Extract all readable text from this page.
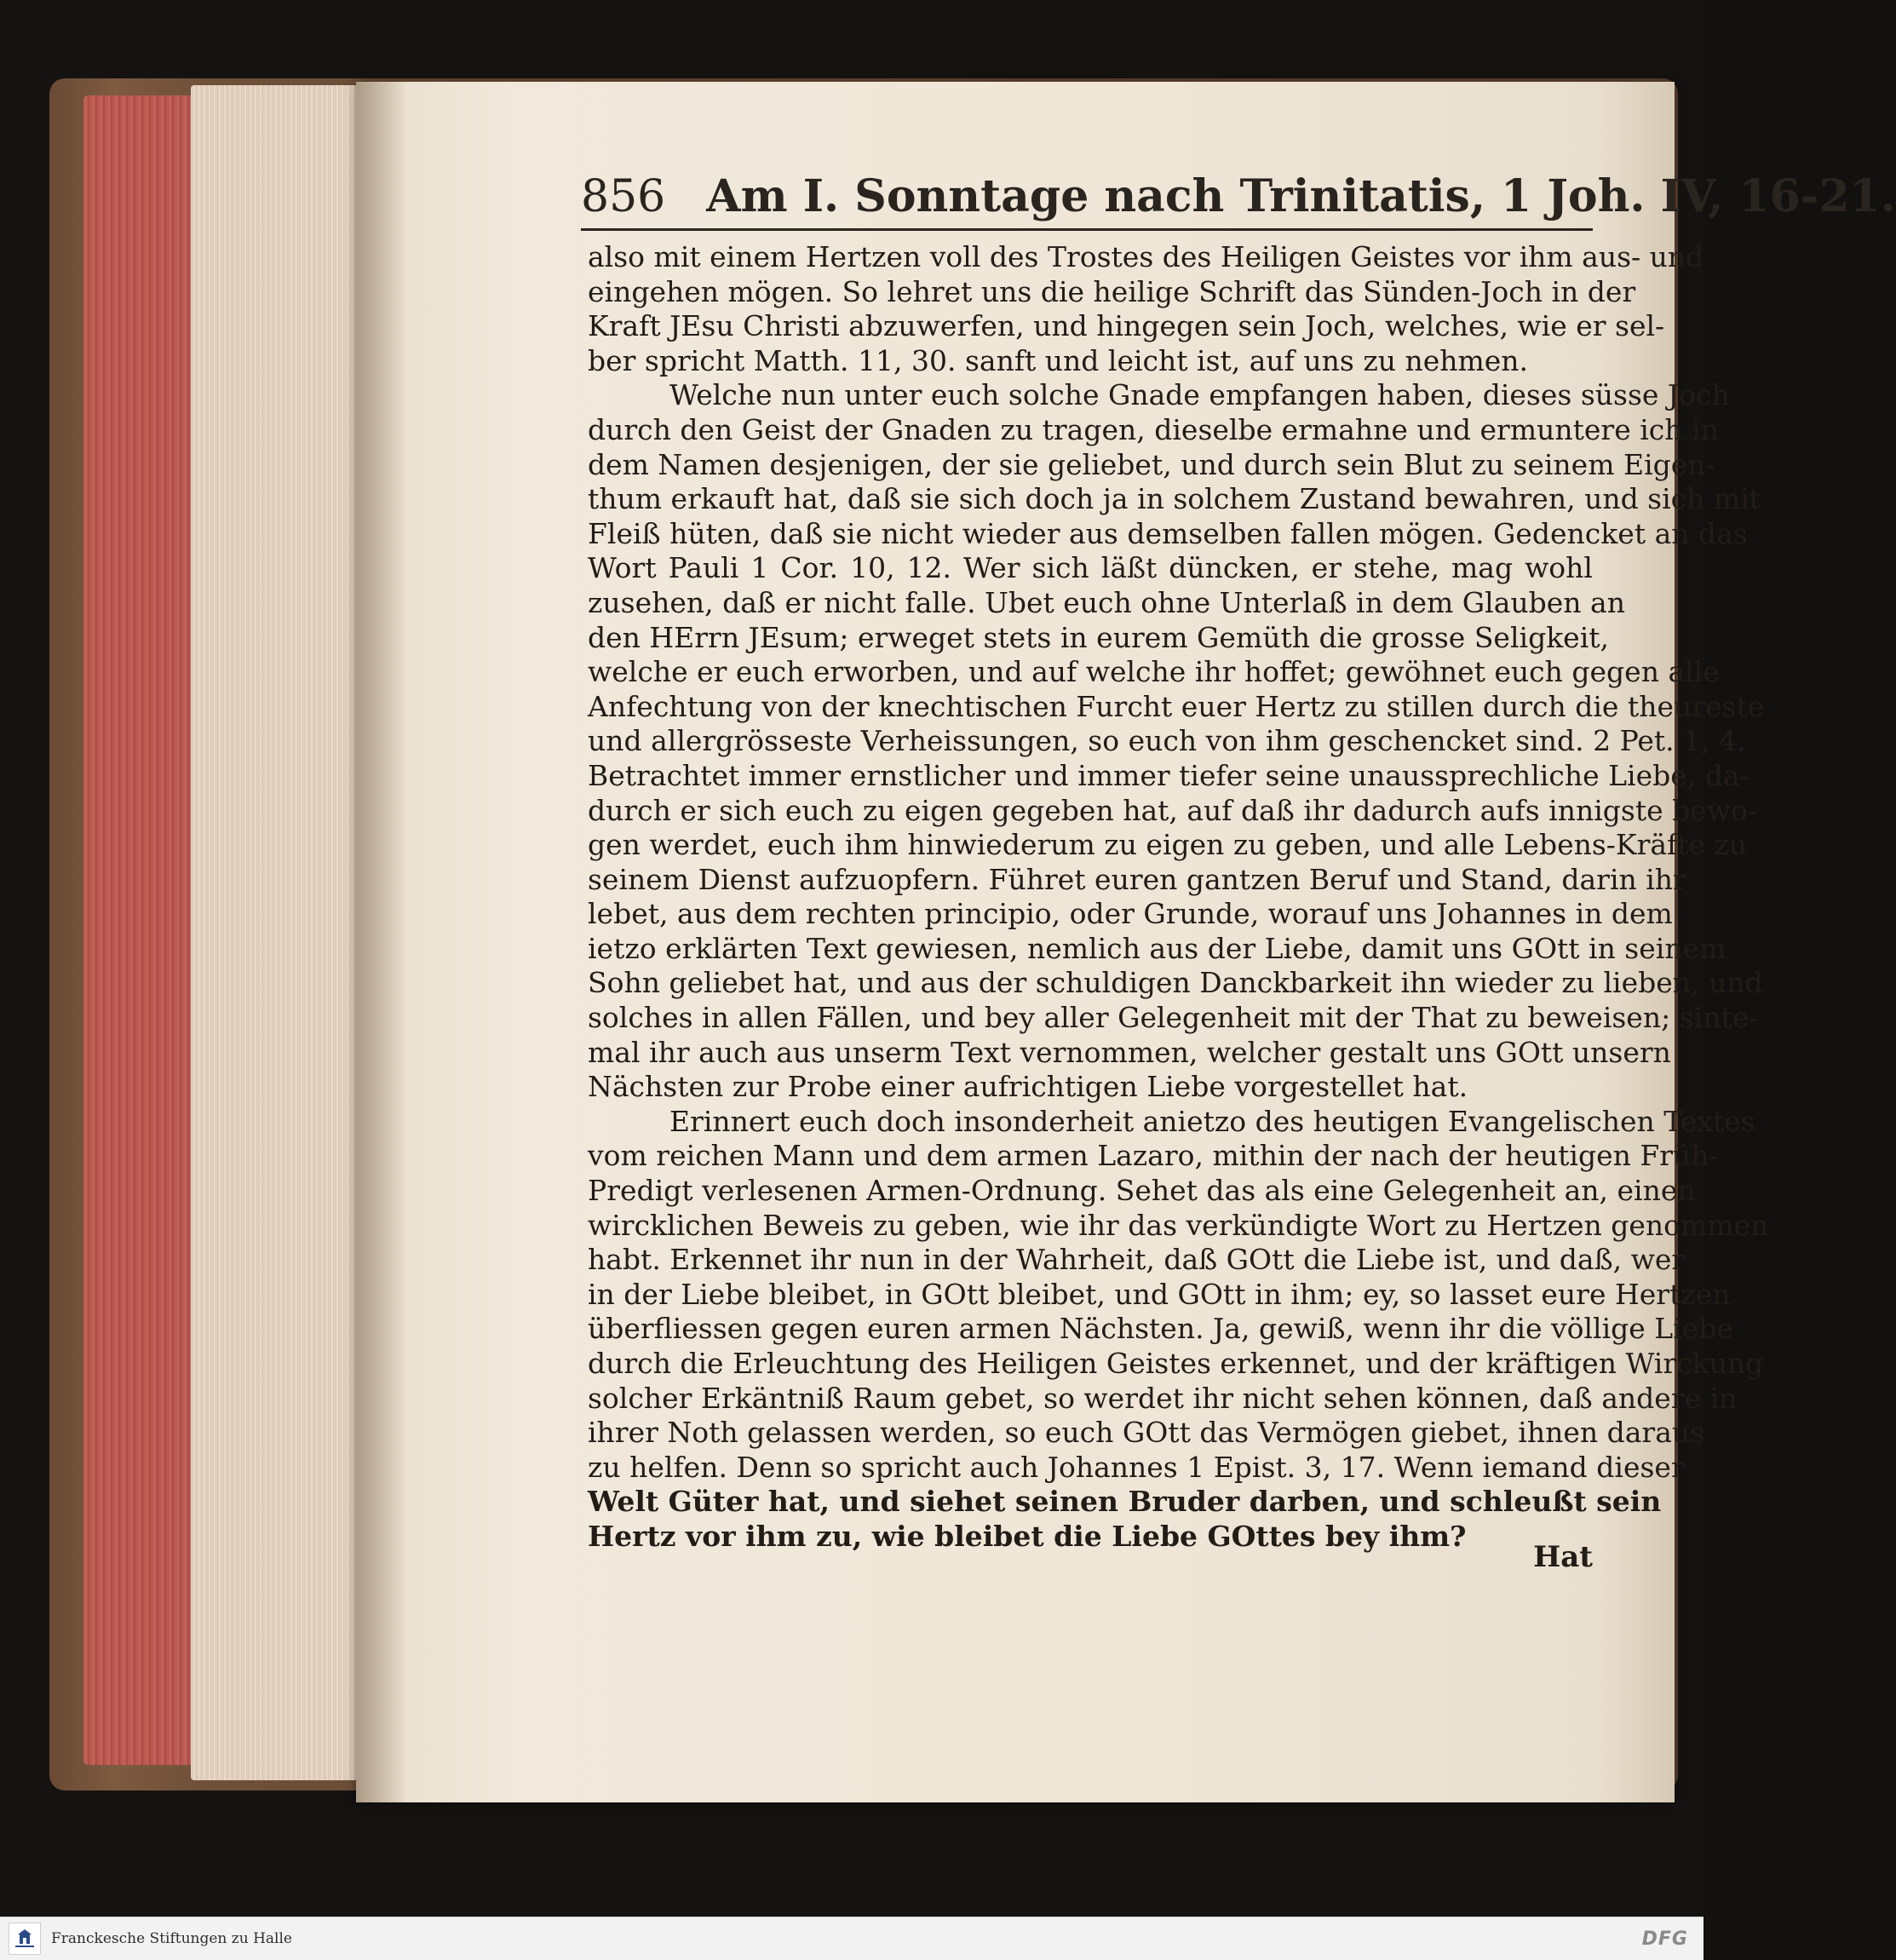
856 Am I. Sonntage nach Trinitatis, 1 Joh. IV, 16-21.
also mit einem Hertzen voll des Trostes des Heiligen Geistes vor ihm aus- und
eingehen mögen. So lehret uns die heilige Schrift das Sünden-Joch in der
Kraft JEsu Christi abzuwerfen, und hingegen sein Joch, welches, wie er sel-
ber spricht Matth. 11, 30. sanft und leicht ist, auf uns zu nehmen.
Welche nun unter euch solche Gnade empfangen haben, dieses süsse Joch
durch den Geist der Gnaden zu tragen, dieselbe ermahne und ermuntere ich in
dem Namen desjenigen, der sie geliebet, und durch sein Blut zu seinem Eigen-
thum erkauft hat, daß sie sich doch ja in solchem Zustand bewahren, und sich mit
Fleiß hüten, daß sie nicht wieder aus demselben fallen mögen. Gedencket an das
Wort Pauli 1 Cor. 10, 12. Wer sich läßt düncken, er stehe, mag wohl
zusehen, daß er nicht falle. Ubet euch ohne Unterlaß in dem Glauben an
den HErrn JEsum; erweget stets in eurem Gemüth die grosse Seligkeit,
welche er euch erworben, und auf welche ihr hoffet; gewöhnet euch gegen alle
Anfechtung von der knechtischen Furcht euer Hertz zu stillen durch die theureste
und allergrösseste Verheissungen, so euch von ihm geschencket sind. 2 Pet. 1, 4.
Betrachtet immer ernstlicher und immer tiefer seine unaussprechliche Liebe, da-
durch er sich euch zu eigen gegeben hat, auf daß ihr dadurch aufs innigste bewo-
gen werdet, euch ihm hinwiederum zu eigen zu geben, und alle Lebens-Kräfte zu
seinem Dienst aufzuopfern. Führet euren gantzen Beruf und Stand, darin ihr
lebet, aus dem rechten principio, oder Grunde, worauf uns Johannes in dem
ietzo erklärten Text gewiesen, nemlich aus der Liebe, damit uns GOtt in seinem
Sohn geliebet hat, und aus der schuldigen Danckbarkeit ihn wieder zu lieben, und
solches in allen Fällen, und bey aller Gelegenheit mit der That zu beweisen; sinte-
mal ihr auch aus unserm Text vernommen, welcher gestalt uns GOtt unsern
Nächsten zur Probe einer aufrichtigen Liebe vorgestellet hat.
Erinnert euch doch insonderheit anietzo des heutigen Evangelischen Textes
vom reichen Mann und dem armen Lazaro, mithin der nach der heutigen Früh-
Predigt verlesenen Armen-Ordnung. Sehet das als eine Gelegenheit an, einen
wircklichen Beweis zu geben, wie ihr das verkündigte Wort zu Hertzen genommen
habt. Erkennet ihr nun in der Wahrheit, daß GOtt die Liebe ist, und daß, wer
in der Liebe bleibet, in GOtt bleibet, und GOtt in ihm; ey, so lasset eure Hertzen
überfliessen gegen euren armen Nächsten. Ja, gewiß, wenn ihr die völlige Liebe
durch die Erleuchtung des Heiligen Geistes erkennet, und der kräftigen Wirckung
solcher Erkäntniß Raum gebet, so werdet ihr nicht sehen können, daß andere in
ihrer Noth gelassen werden, so euch GOtt das Vermögen giebet, ihnen daraus
zu helfen. Denn so spricht auch Johannes 1 Epist. 3, 17. Wenn iemand dieser
Welt Güter hat, und siehet seinen Bruder darben, und schleußt sein
Hertz vor ihm zu, wie bleibet die Liebe GOttes bey ihm?
Hat
Franckesche Stiftungen zu Halle	DFG
